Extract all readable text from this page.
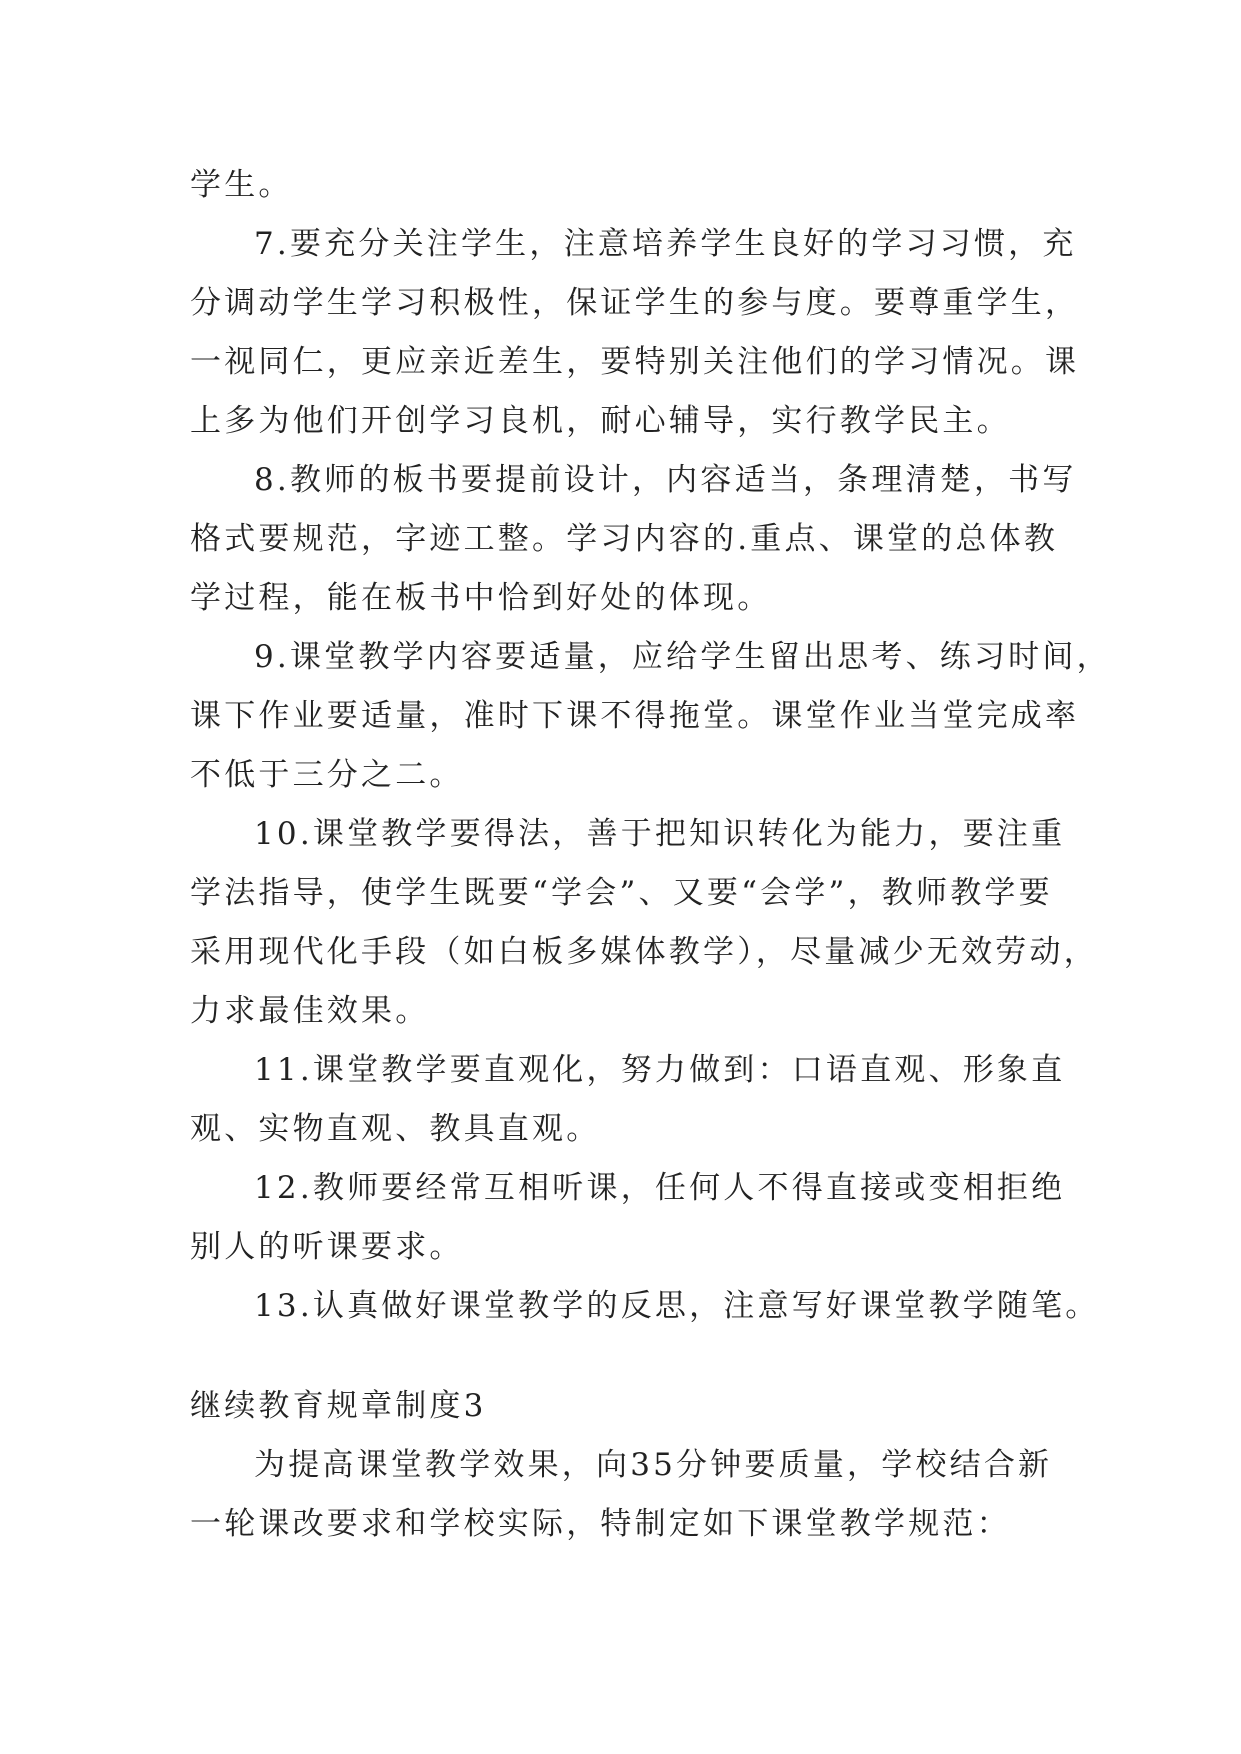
学生。
7.要充分关注学生，注意培养学生良好的学习习惯，充
分调动学生学习积极性，保证学生的参与度。要尊重学生，
一视同仁，更应亲近差生，要特别关注他们的学习情况。课
上多为他们开创学习良机，耐心辅导，实行教学民主。
8.教师的板书要提前设计，内容适当，条理清楚，书写
格式要规范，字迹工整。学习内容的.重点、课堂的总体教
学过程，能在板书中恰到好处的体现。
9.课堂教学内容要适量，应给学生留出思考、练习时间，
课下作业要适量，准时下课不得拖堂。课堂作业当堂完成率
不低于三分之二。
10.课堂教学要得法，善于把知识转化为能力，要注重
学法指导，使学生既要“学会”、又要“会学”，教师教学要
采用现代化手段（如白板多媒体教学），尽量减少无效劳动，
力求最佳效果。
11.课堂教学要直观化，努力做到：口语直观、形象直
观、实物直观、教具直观。
12.教师要经常互相听课，任何人不得直接或变相拒绝
别人的听课要求。
13.认真做好课堂教学的反思，注意写好课堂教学随笔。
继续教育规章制度3
为提高课堂教学效果，向35分钟要质量，学校结合新
一轮课改要求和学校实际，特制定如下课堂教学规范：
